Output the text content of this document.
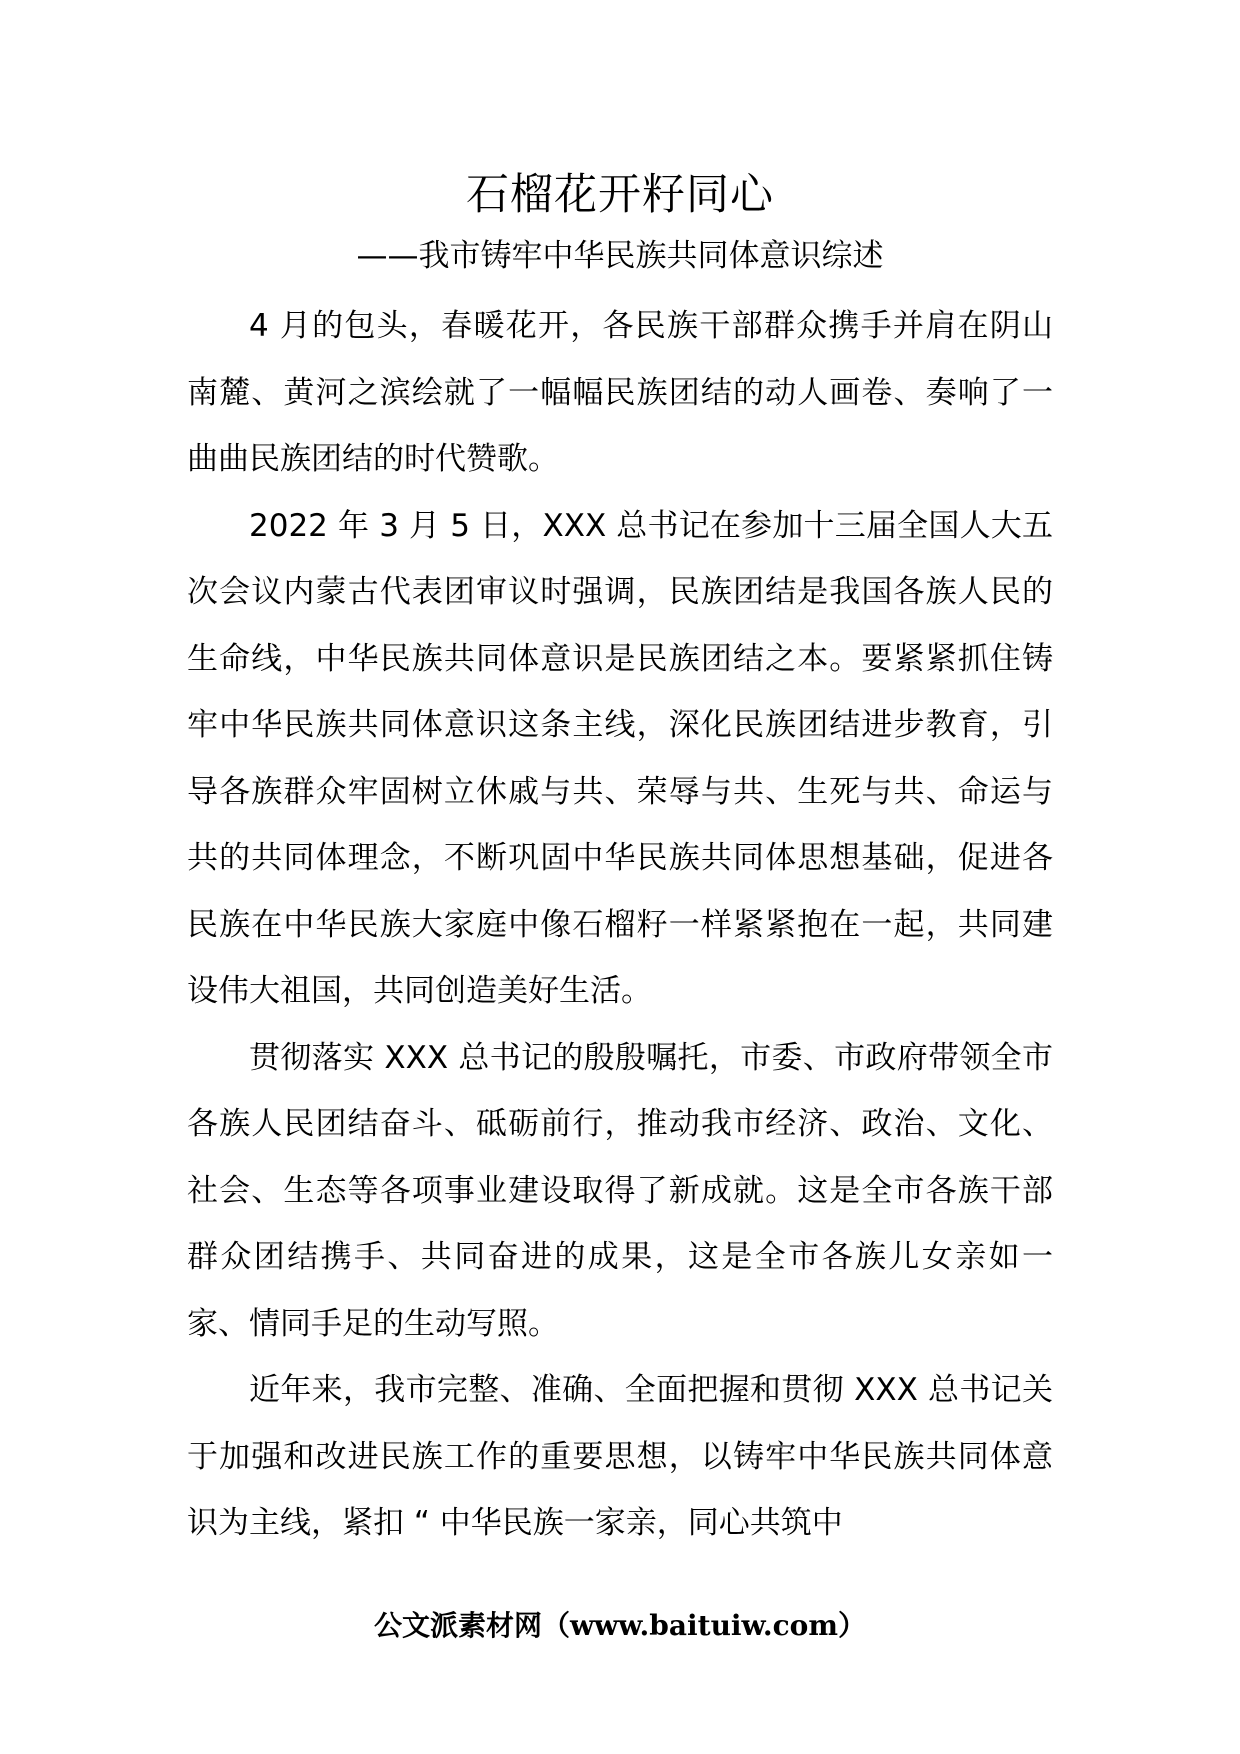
石榴花开籽同心
——我市铸牢中华民族共同体意识综述

4 月的包头，春暖花开，各民族干部群众携手并肩在阴山南麓、黄河之滨绘就了一幅幅民族团结的动人画卷、奏响了一曲曲民族团结的时代赞歌。

2022 年 3 月 5 日，XXX 总书记在参加十三届全国人大五次会议内蒙古代表团审议时强调，民族团结是我国各族人民的生命线，中华民族共同体意识是民族团结之本。要紧紧抓住铸牢中华民族共同体意识这条主线，深化民族团结进步教育，引导各族群众牢固树立休戚与共、荣辱与共、生死与共、命运与共的共同体理念，不断巩固中华民族共同体思想基础，促进各民族在中华民族大家庭中像石榴籽一样紧紧抱在一起，共同建设伟大祖国，共同创造美好生活。

贯彻落实 XXX 总书记的殷殷嘱托，市委、市政府带领全市各族人民团结奋斗、砥砺前行，推动我市经济、政治、文化、社会、生态等各项事业建设取得了新成就。这是全市各族干部群众团结携手、共同奋进的成果，这是全市各族儿女亲如一家、情同手足的生动写照。

近年来，我市完整、准确、全面把握和贯彻 XXX 总书记关于加强和改进民族工作的重要思想，以铸牢中华民族共同体意识为主线，紧扣 “ 中华民族一家亲，同心共筑中

公文派素材网（www.baituiw.com）
